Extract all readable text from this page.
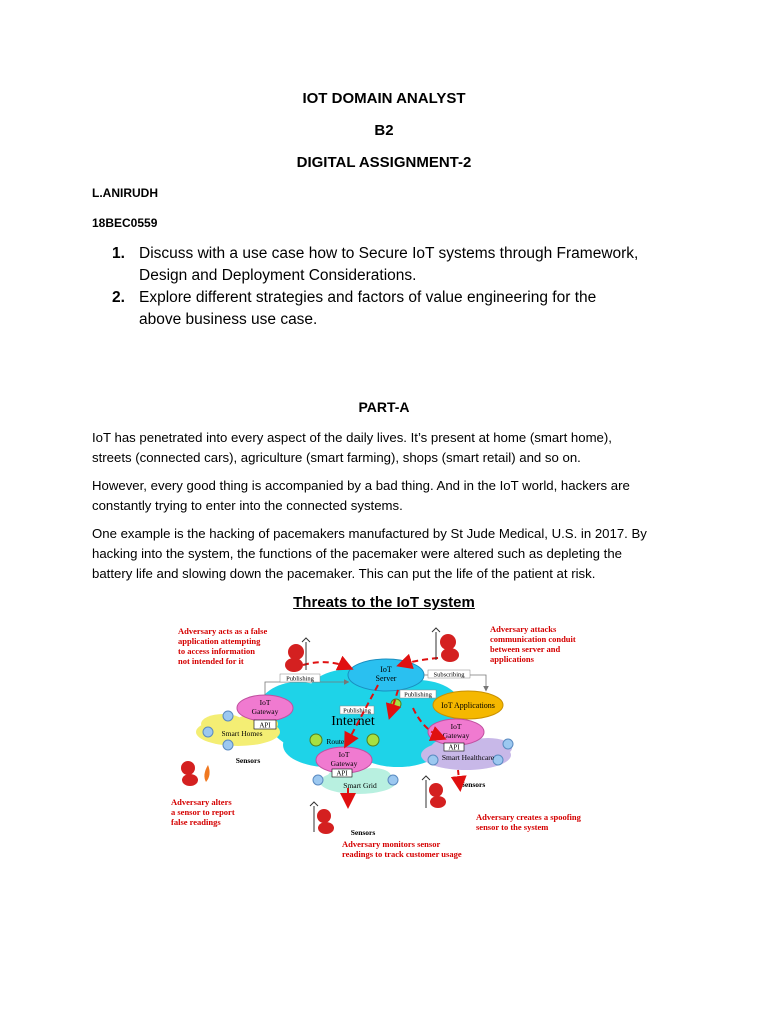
IOT DOMAIN ANALYST
B2
DIGITAL ASSIGNMENT-2
L.ANIRUDH
18BEC0559
1. Discuss with a use case how to Secure IoT systems through Framework,
Design and Deployment Considerations.
2. Explore different strategies and factors of value engineering for the
above business use case.
PART-A
IoT has penetrated into every aspect of the daily lives. It’s present at home (smart home),
streets (connected cars), agriculture (smart farming), shops (smart retail) and so on.
However, every good thing is accompanied by a bad thing. And in the IoT world, hackers are
constantly trying to enter into the connected systems.
One example is the hacking of pacemakers manufactured by St Jude Medical, U.S. in 2017. By
hacking into the system, the functions of the pacemaker were altered such as depleting the
battery life and slowing down the pacemaker. This can put the life of the patient at risk.
Threats to the IoT system
IoT
Server
IoT Applications
IoT
Gateway
API	IoT
Gateway
API
IoT
Gateway
API
Internet
Routers
Publishing
Smart Homes
Smart Grid
Smart Healthcare
Sensors
Sensors
Sensors
Publishing
Subscribing
Publishing
Adversary acts as a false
application attempting
to access information
not intended for it
Adversary attacks
communication conduit
between server and
applications
Adversary alters
a sensor to report
false readings	Adversary creates a spoofing
sensor to the system
Adversary monitors sensor
readings to track customer usage
